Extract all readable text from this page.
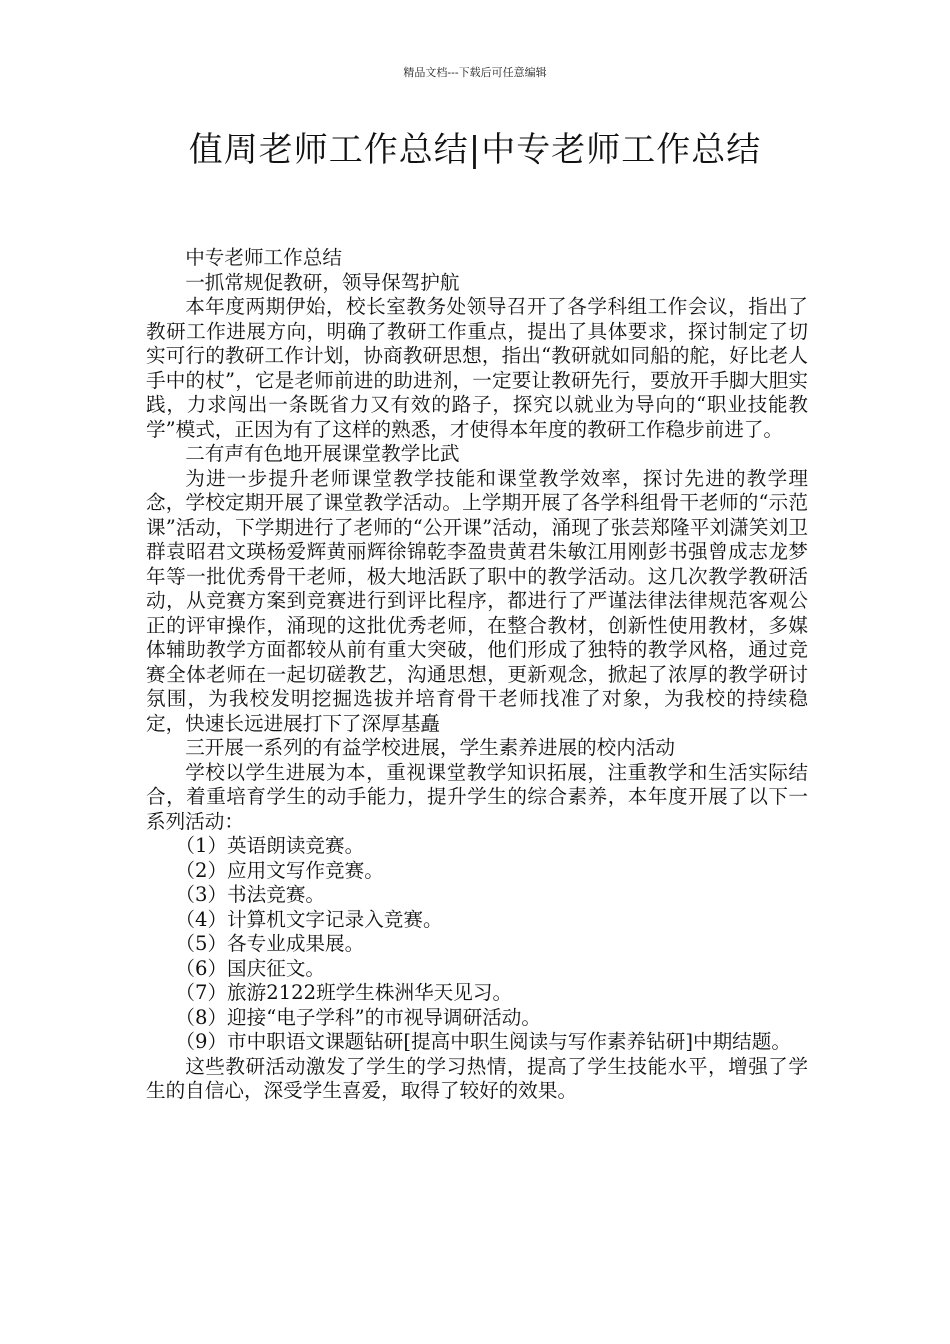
精品文档---下载后可任意编辑
值周老师工作总结|中专老师工作总结

中专老师工作总结

一抓常规促教研，领导保驾护航

本年度两期伊始，校长室教务处领导召开了各学科组工作会议，指出了教研工作进展方向，明确了教研工作重点，提出了具体要求，探讨制定了切实可行的教研工作计划，协商教研思想，指出“教研就如同船的舵，好比老人手中的杖”，它是老师前进的助进剂，一定要让教研先行，要放开手脚大胆实践，力求闯出一条既省力又有效的路子，探究以就业为导向的“职业技能教学”模式，正因为有了这样的熟悉，才使得本年度的教研工作稳步前进了。

二有声有色地开展课堂教学比武

为进一步提升老师课堂教学技能和课堂教学效率，探讨先进的教学理念，学校定期开展了课堂教学活动。上学期开展了各学科组骨干老师的“示范课”活动，下学期进行了老师的“公开课”活动，涌现了张芸郑隆平刘潇笑刘卫群袁昭君文瑛杨爱辉黄丽辉徐锦乾李盈贵黄君朱敏江用刚彭书强曾成志龙梦年等一批优秀骨干老师，极大地活跃了职中的教学活动。这几次教学教研活动，从竞赛方案到竞赛进行到评比程序，都进行了严谨法律法律规范客观公正的评审操作，涌现的这批优秀老师，在整合教材，创新性使用教材，多媒体辅助教学方面都较从前有重大突破，他们形成了独特的教学风格，通过竞赛全体老师在一起切磋教艺，沟通思想，更新观念，掀起了浓厚的教学研讨氛围，为我校发明挖掘选拔并培育骨干老师找准了对象，为我校的持续稳定，快速长远进展打下了深厚基矗

三开展一系列的有益学校进展，学生素养进展的校内活动

学校以学生进展为本，重视课堂教学知识拓展，注重教学和生活实际结合，着重培育学生的动手能力，提升学生的综合素养，本年度开展了以下一系列活动：

（1）英语朗读竞赛。

（2）应用文写作竞赛。

（3）书法竞赛。

（4）计算机文字记录入竞赛。

（5）各专业成果展。

（6）国庆征文。

（7）旅游2122班学生株洲华天见习。

（8）迎接“电子学科”的市视导调研活动。

（9）市中职语文课题钻研[提高中职生阅读与写作素养钻研]中期结题。

这些教研活动激发了学生的学习热情，提高了学生技能水平，增强了学生的自信心，深受学生喜爱，取得了较好的效果。
